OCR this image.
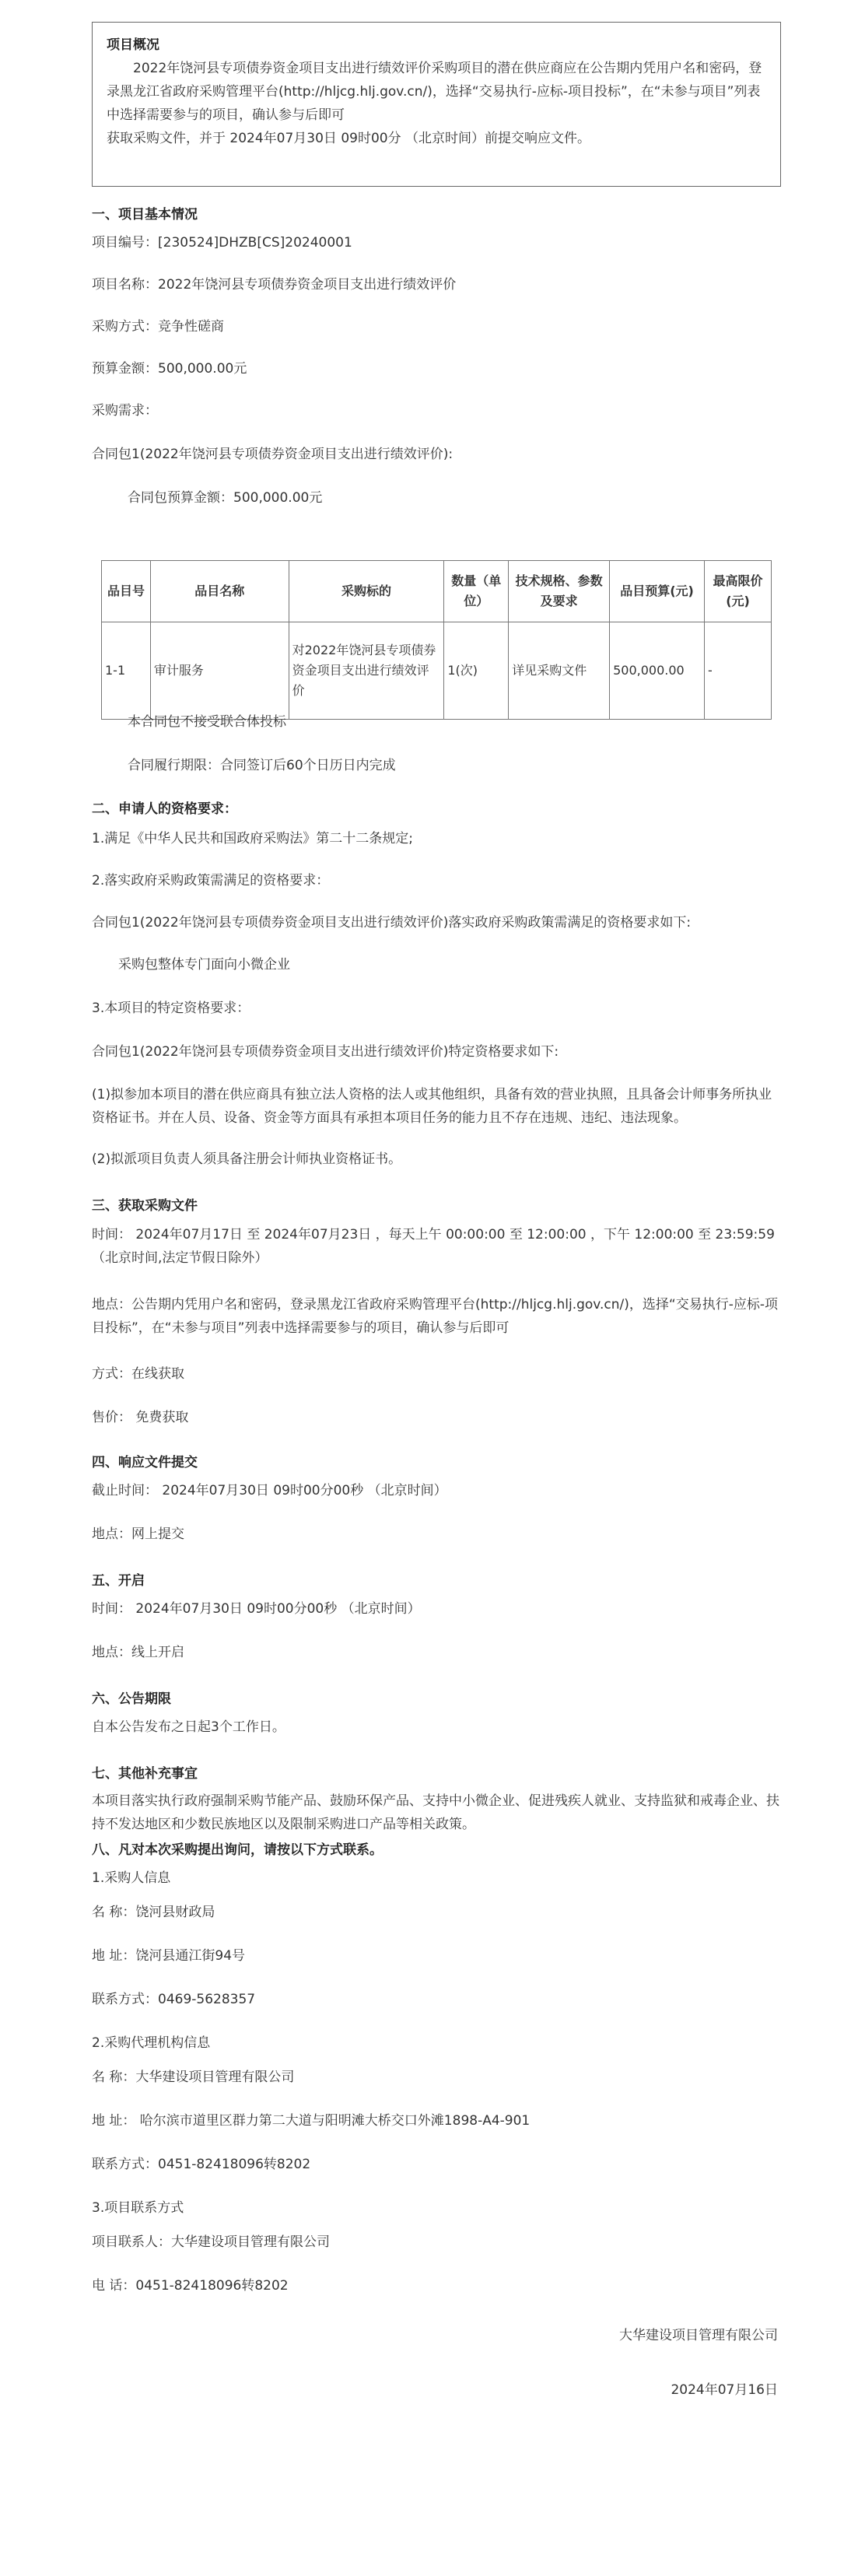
项目概况

2022年饶河县专项债券资金项目支出进行绩效评价采购项目的潜在供应商应在公告期内凭用户名和密码，登录黑龙江省政府采购管理平台(http://hljcg.hlj.gov.cn/)，选择“交易执行-应标-项目投标”，在“未参与项目”列表中选择需要参与的项目，确认参与后即可

获取采购文件，并于 2024年07月30日 09时00分 （北京时间）前提交响应文件。

一、项目基本情况
项目编号：[230524]DHZB[CS]20240001
项目名称：2022年饶河县专项债券资金项目支出进行绩效评价
采购方式：竞争性磋商
预算金额：500,000.00元
采购需求：
合同包1(2022年饶河县专项债券资金项目支出进行绩效评价):
合同包预算金额：500,000.00元
品目号	品目名称	采购标的	数量（单位）	技术规格、参数及要求	品目预算(元)	最高限价(元)
1-1	审计服务	对2022年饶河县专项债券资金项目支出进行绩效评价	1(次)	详见采购文件	500,000.00	-
本合同包不接受联合体投标
合同履行期限：合同签订后60个日历日内完成
二、申请人的资格要求：
1.满足《中华人民共和国政府采购法》第二十二条规定;
2.落实政府采购政策需满足的资格要求：
合同包1(2022年饶河县专项债券资金项目支出进行绩效评价)落实政府采购政策需满足的资格要求如下:
采购包整体专门面向小微企业
3.本项目的特定资格要求：
合同包1(2022年饶河县专项债券资金项目支出进行绩效评价)特定资格要求如下:
(1)拟参加本项目的潜在供应商具有独立法人资格的法人或其他组织，具备有效的营业执照，且具备会计师事务所执业资格证书。并在人员、设备、资金等方面具有承担本项目任务的能力且不存在违规、违纪、违法现象。
(2)拟派项目负责人须具备注册会计师执业资格证书。
三、获取采购文件
时间： 2024年07月17日 至 2024年07月23日 ，每天上午 00:00:00 至 12:00:00 ，下午 12:00:00 至 23:59:59 （北京时间,法定节假日除外）
地点：公告期内凭用户名和密码，登录黑龙江省政府采购管理平台(http://hljcg.hlj.gov.cn/)，选择“交易执行-应标-项目投标”，在“未参与项目”列表中选择需要参与的项目，确认参与后即可
方式：在线获取
售价： 免费获取
四、响应文件提交
截止时间： 2024年07月30日 09时00分00秒 （北京时间）
地点：网上提交
五、开启
时间： 2024年07月30日 09时00分00秒 （北京时间）
地点：线上开启
六、公告期限
自本公告发布之日起3个工作日。
七、其他补充事宜
本项目落实执行政府强制采购节能产品、鼓励环保产品、支持中小微企业、促进残疾人就业、支持监狱和戒毒企业、扶持不发达地区和少数民族地区以及限制采购进口产品等相关政策。
八、凡对本次采购提出询问，请按以下方式联系。
1.采购人信息
名 称：饶河县财政局
地 址：饶河县通江街94号
联系方式：0469-5628357
2.采购代理机构信息
名 称：大华建设项目管理有限公司
地 址： 哈尔滨市道里区群力第二大道与阳明滩大桥交口外滩1898-A4-901
联系方式：0451-82418096转8202
3.项目联系方式
项目联系人：大华建设项目管理有限公司
电 话：0451-82418096转8202
大华建设项目管理有限公司
2024年07月16日
